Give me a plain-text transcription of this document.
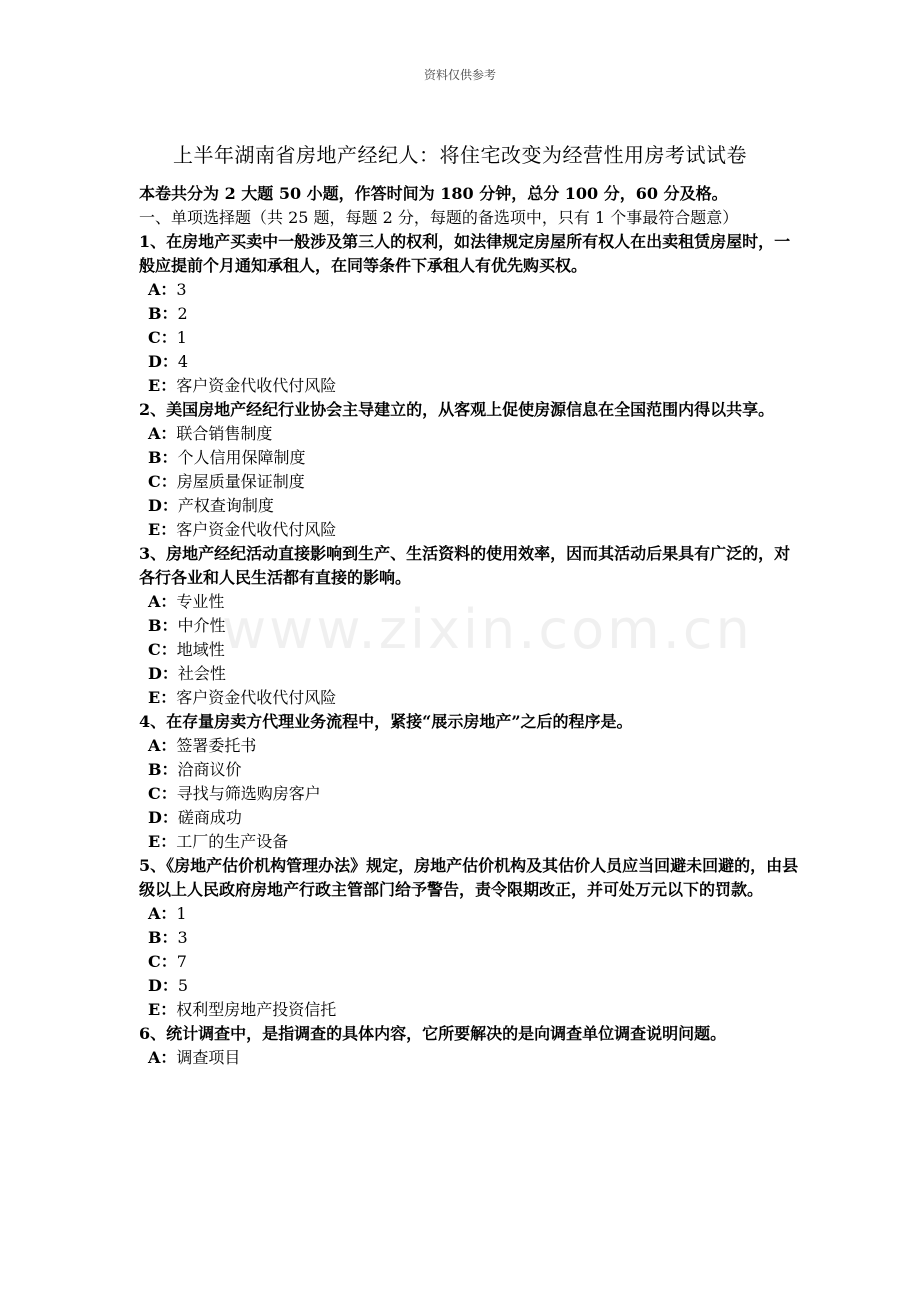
资料仅供参考
上半年湖南省房地产经纪人：将住宅改变为经营性用房考试试卷
本卷共分为 2 大题 50 小题，作答时间为 180 分钟，总分 100 分，60 分及格。
一、单项选择题（共 25 题，每题 2 分，每题的备选项中，只有 1 个事最符合题意）
1、在房地产买卖中一般涉及第三人的权利，如法律规定房屋所有权人在出卖租赁房屋时，一般应提前个月通知承租人，在同等条件下承租人有优先购买权。
A：3
B：2
C：1
D：4
E：客户资金代收代付风险
2、美国房地产经纪行业协会主导建立的，从客观上促使房源信息在全国范围内得以共享。
A：联合销售制度
B：个人信用保障制度
C：房屋质量保证制度
D：产权查询制度
E：客户资金代收代付风险
3、房地产经纪活动直接影响到生产、生活资料的使用效率，因而其活动后果具有广泛的，对各行各业和人民生活都有直接的影响。
A：专业性
B：中介性
C：地域性
D：社会性
E：客户资金代收代付风险
4、在存量房卖方代理业务流程中，紧接“展示房地产”之后的程序是。
A：签署委托书
B：洽商议价
C：寻找与筛选购房客户
D：磋商成功
E：工厂的生产设备
5、《房地产估价机构管理办法》规定，房地产估价机构及其估价人员应当回避未回避的，由县级以上人民政府房地产行政主管部门给予警告，责令限期改正，并可处万元以下的罚款。
A：1
B：3
C：7
D：5
E：权利型房地产投资信托
6、统计调查中，是指调查的具体内容，它所要解决的是向调查单位调查说明问题。
A：调查项目
www.zixin.com.cn
